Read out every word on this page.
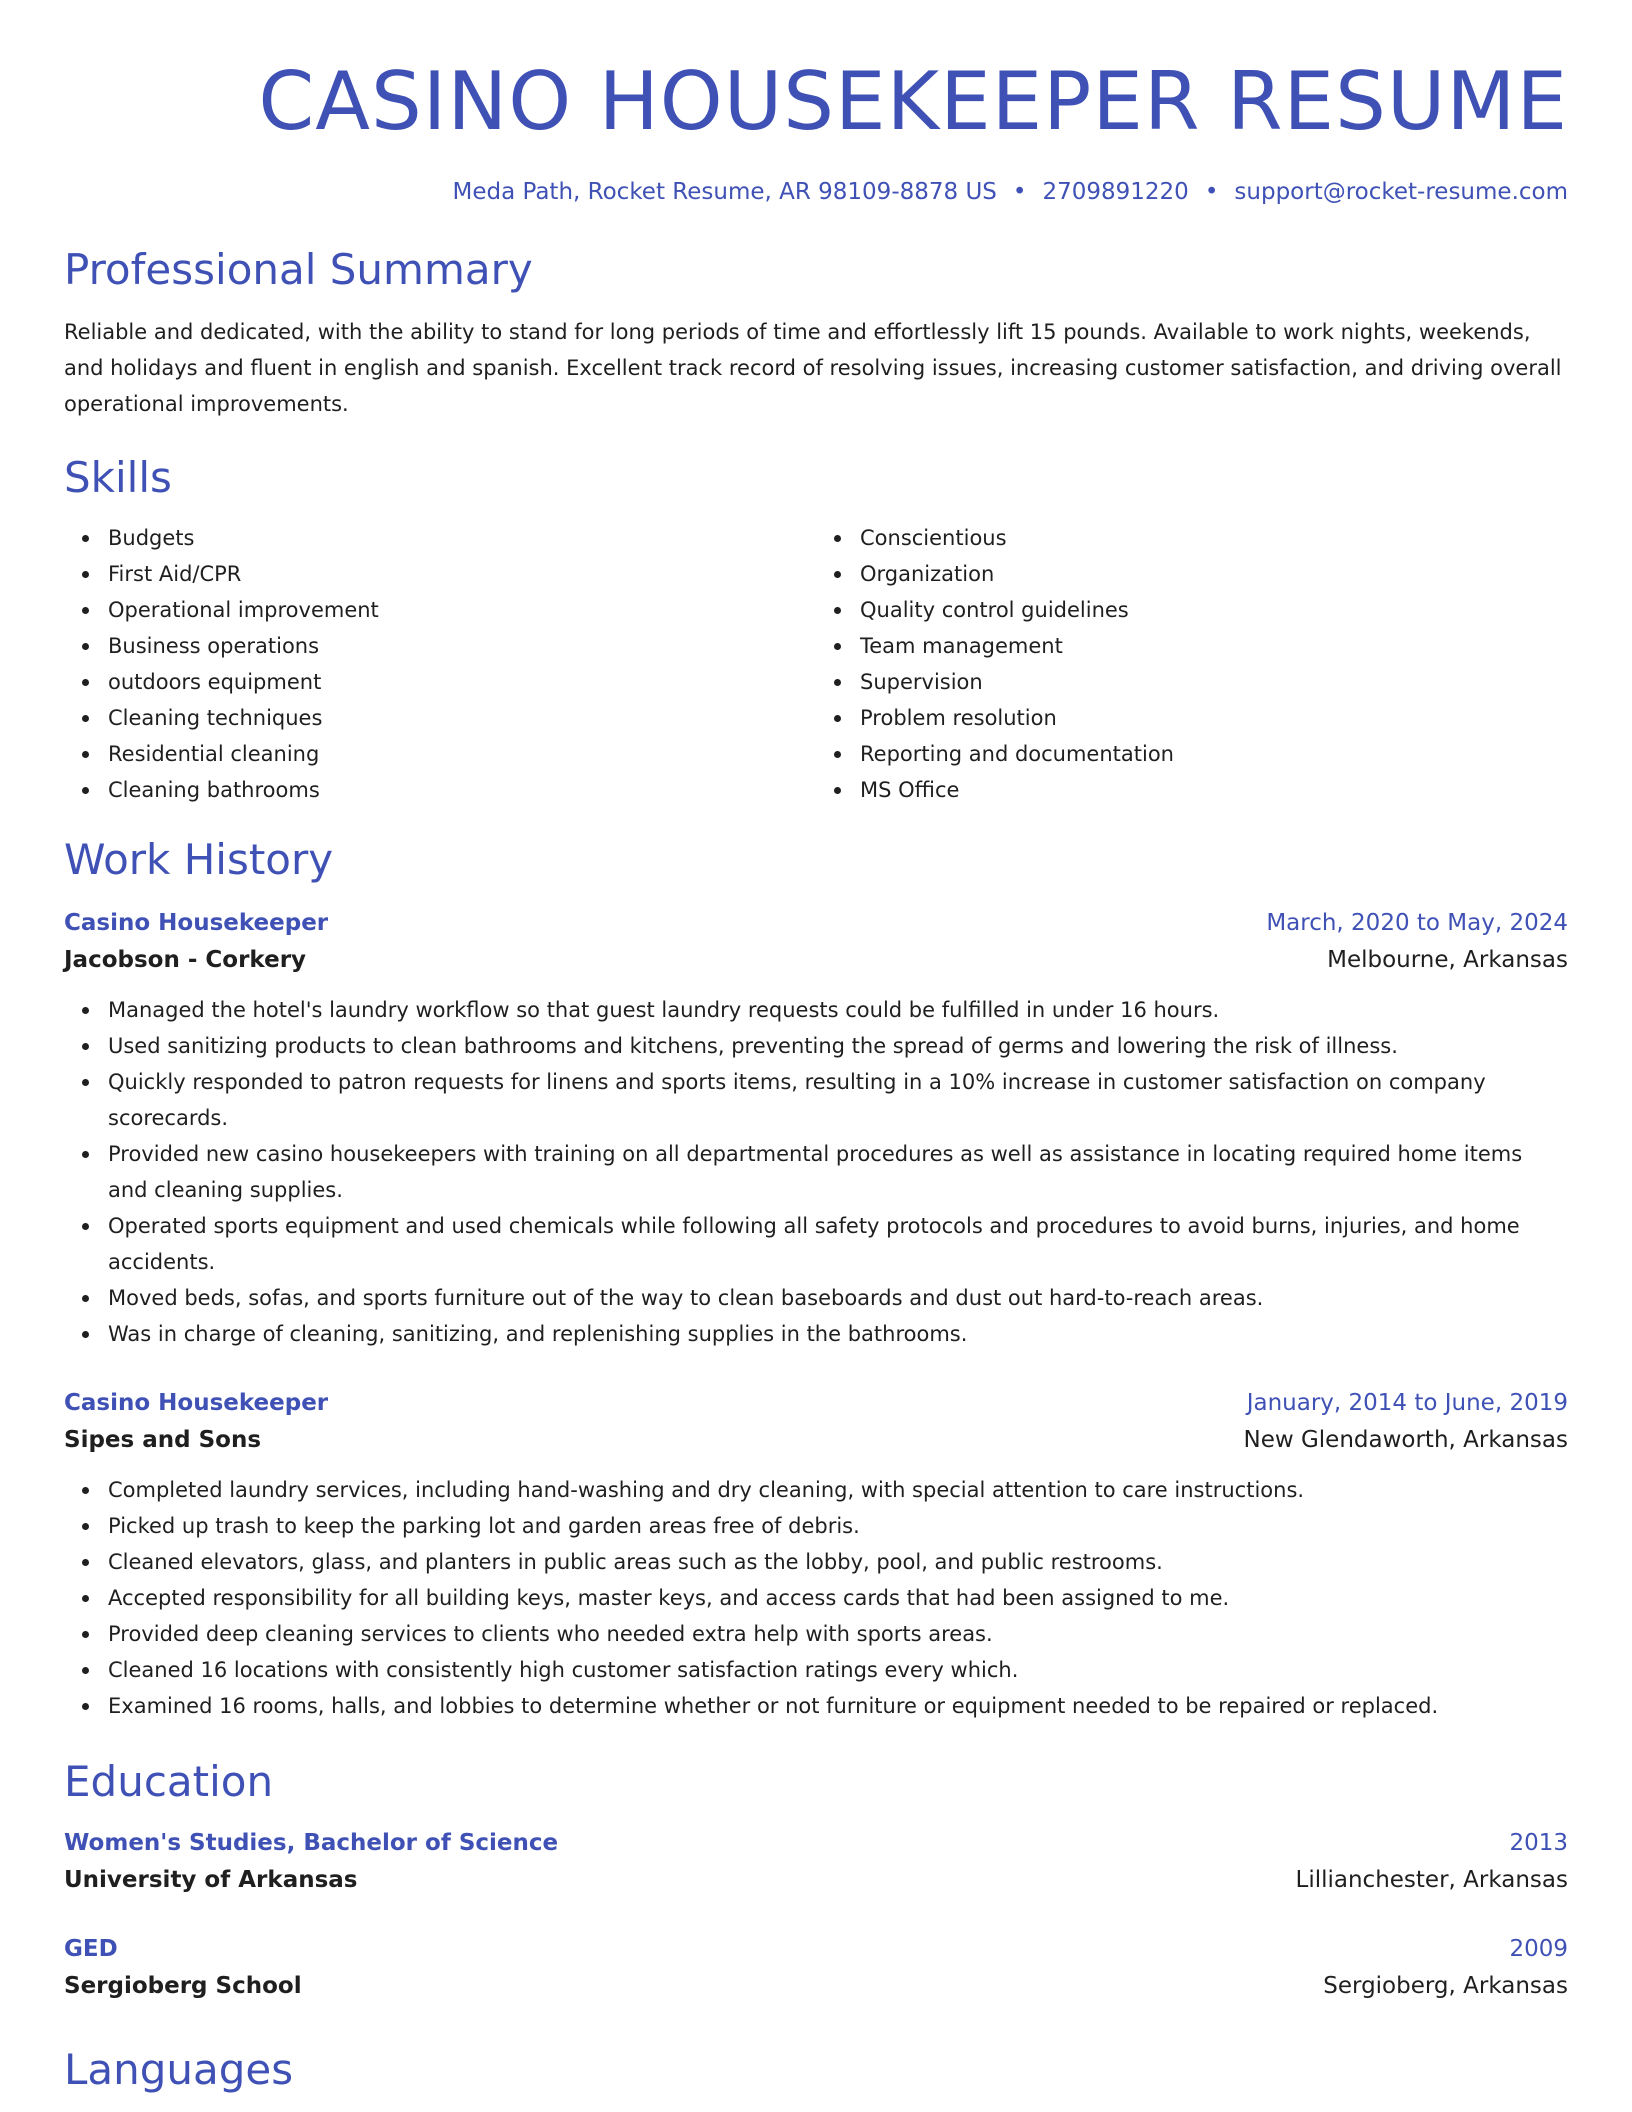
CASINO HOUSEKEEPER RESUME
Meda Path, Rocket Resume, AR 98109-8878 US • 2709891220 • support@rocket-resume.com
Professional Summary

Reliable and dedicated, with the ability to stand for long periods of time and effortlessly lift 15 pounds. Available to work nights, weekends, and holidays and fluent in english and spanish. Excellent track record of resolving issues, increasing customer satisfaction, and driving overall operational improvements.

Skills
Budgets
First Aid/CPR
Operational improvement
Business operations
outdoors equipment
Cleaning techniques
Residential cleaning
Cleaning bathrooms
Conscientious
Organization
Quality control guidelines
Team management
Supervision
Problem resolution
Reporting and documentation
MS Office
Work History
Casino Housekeeper	March, 2020 to May, 2024
Jacobson - Corkery	Melbourne, Arkansas
Managed the hotel's laundry workflow so that guest laundry requests could be fulfilled in under 16 hours.
Used sanitizing products to clean bathrooms and kitchens, preventing the spread of germs and lowering the risk of illness.
Quickly responded to patron requests for linens and sports items, resulting in a 10% increase in customer satisfaction on company scorecards.
Provided new casino housekeepers with training on all departmental procedures as well as assistance in locating required home items and cleaning supplies.
Operated sports equipment and used chemicals while following all safety protocols and procedures to avoid burns, injuries, and home accidents.
Moved beds, sofas, and sports furniture out of the way to clean baseboards and dust out hard-to-reach areas.
Was in charge of cleaning, sanitizing, and replenishing supplies in the bathrooms.
Casino Housekeeper	January, 2014 to June, 2019
Sipes and Sons	New Glendaworth, Arkansas
Completed laundry services, including hand-washing and dry cleaning, with special attention to care instructions.
Picked up trash to keep the parking lot and garden areas free of debris.
Cleaned elevators, glass, and planters in public areas such as the lobby, pool, and public restrooms.
Accepted responsibility for all building keys, master keys, and access cards that had been assigned to me.
Provided deep cleaning services to clients who needed extra help with sports areas.
Cleaned 16 locations with consistently high customer satisfaction ratings every which.
Examined 16 rooms, halls, and lobbies to determine whether or not furniture or equipment needed to be repaired or replaced.
Education
Women's Studies, Bachelor of Science	2013
University of Arkansas	Lillianchester, Arkansas
GED	2009
Sergioberg School	Sergioberg, Arkansas
Languages
